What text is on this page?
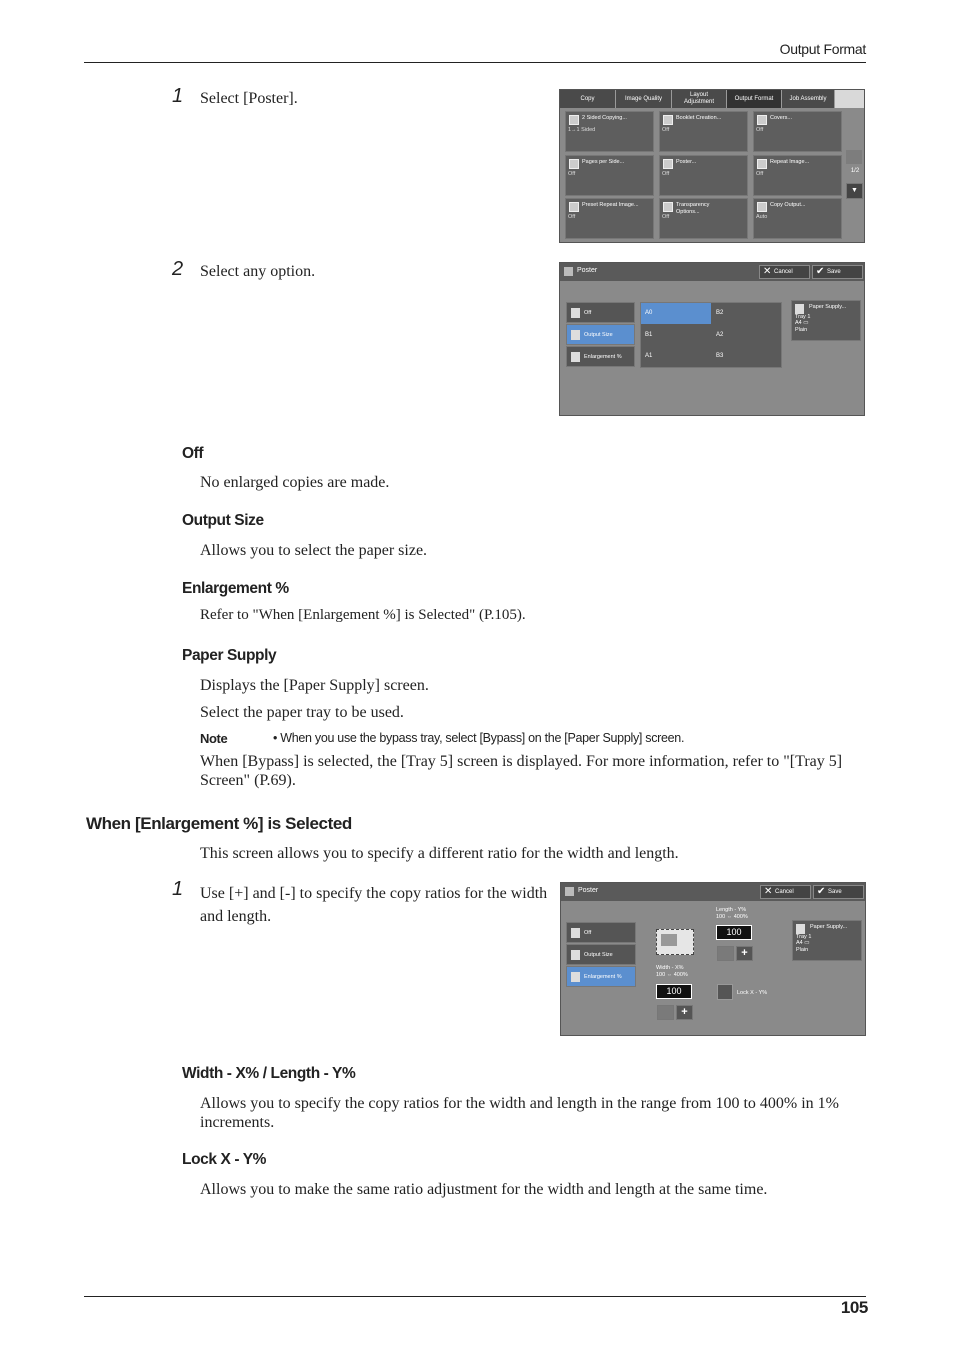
Output Format
1 Select [Poster].	Copy	Image Quality
Layout Adjustment
Output Format	Job Assembly
2 Sided Copying...
1→1 Sided
Booklet Creation...
Off
Covers...
Off
Pages per Side...
Off
Poster...
Off
Repeat Image...
Off
Preset Repeat Image...
Off
Transparency Options...
Off
Copy Output...
Auto
1/2
▼
2 Select any option.	Poster	✕ Cancel	✔ Save
Off
Output Size
Enlargement %
A0	B2
B1	A2
A1	B3
Paper Supply...
Tray 1
A4 ▭
Plain
Off
No enlarged copies are made.
Output Size
Allows you to select the paper size.
Enlargement %
Refer to "When [Enlargement %] is Selected" (P.105).
Paper Supply
Displays the [Paper Supply] screen.
Select the paper tray to be used.
Note	• When you use the bypass tray, select [Bypass] on the [Paper Supply] screen.
When [Bypass] is selected, the [Tray 5] screen is displayed. For more information, refer to "[Tray 5] Screen" (P.69).
When [Enlargement %] is Selected
This screen allows you to specify a different ratio for the width and length.
1 Use [+] and [-] to specify the copy ratios for the width and length.
Poster	✕ Cancel	✔ Save
Off
Output Size
Enlargement %
Length - Y%
100 ⇔ 400%
100
-	+
Width - X%
100 ⇔ 400%
100
-	+
Lock X - Y%
Paper Supply...
Tray 1
A4 ▭
Plain
Width - X% / Length - Y%
Allows you to specify the copy ratios for the width and length in the range from 100 to 400% in 1% increments.
Lock X - Y%
Allows you to make the same ratio adjustment for the width and length at the same time.
105
